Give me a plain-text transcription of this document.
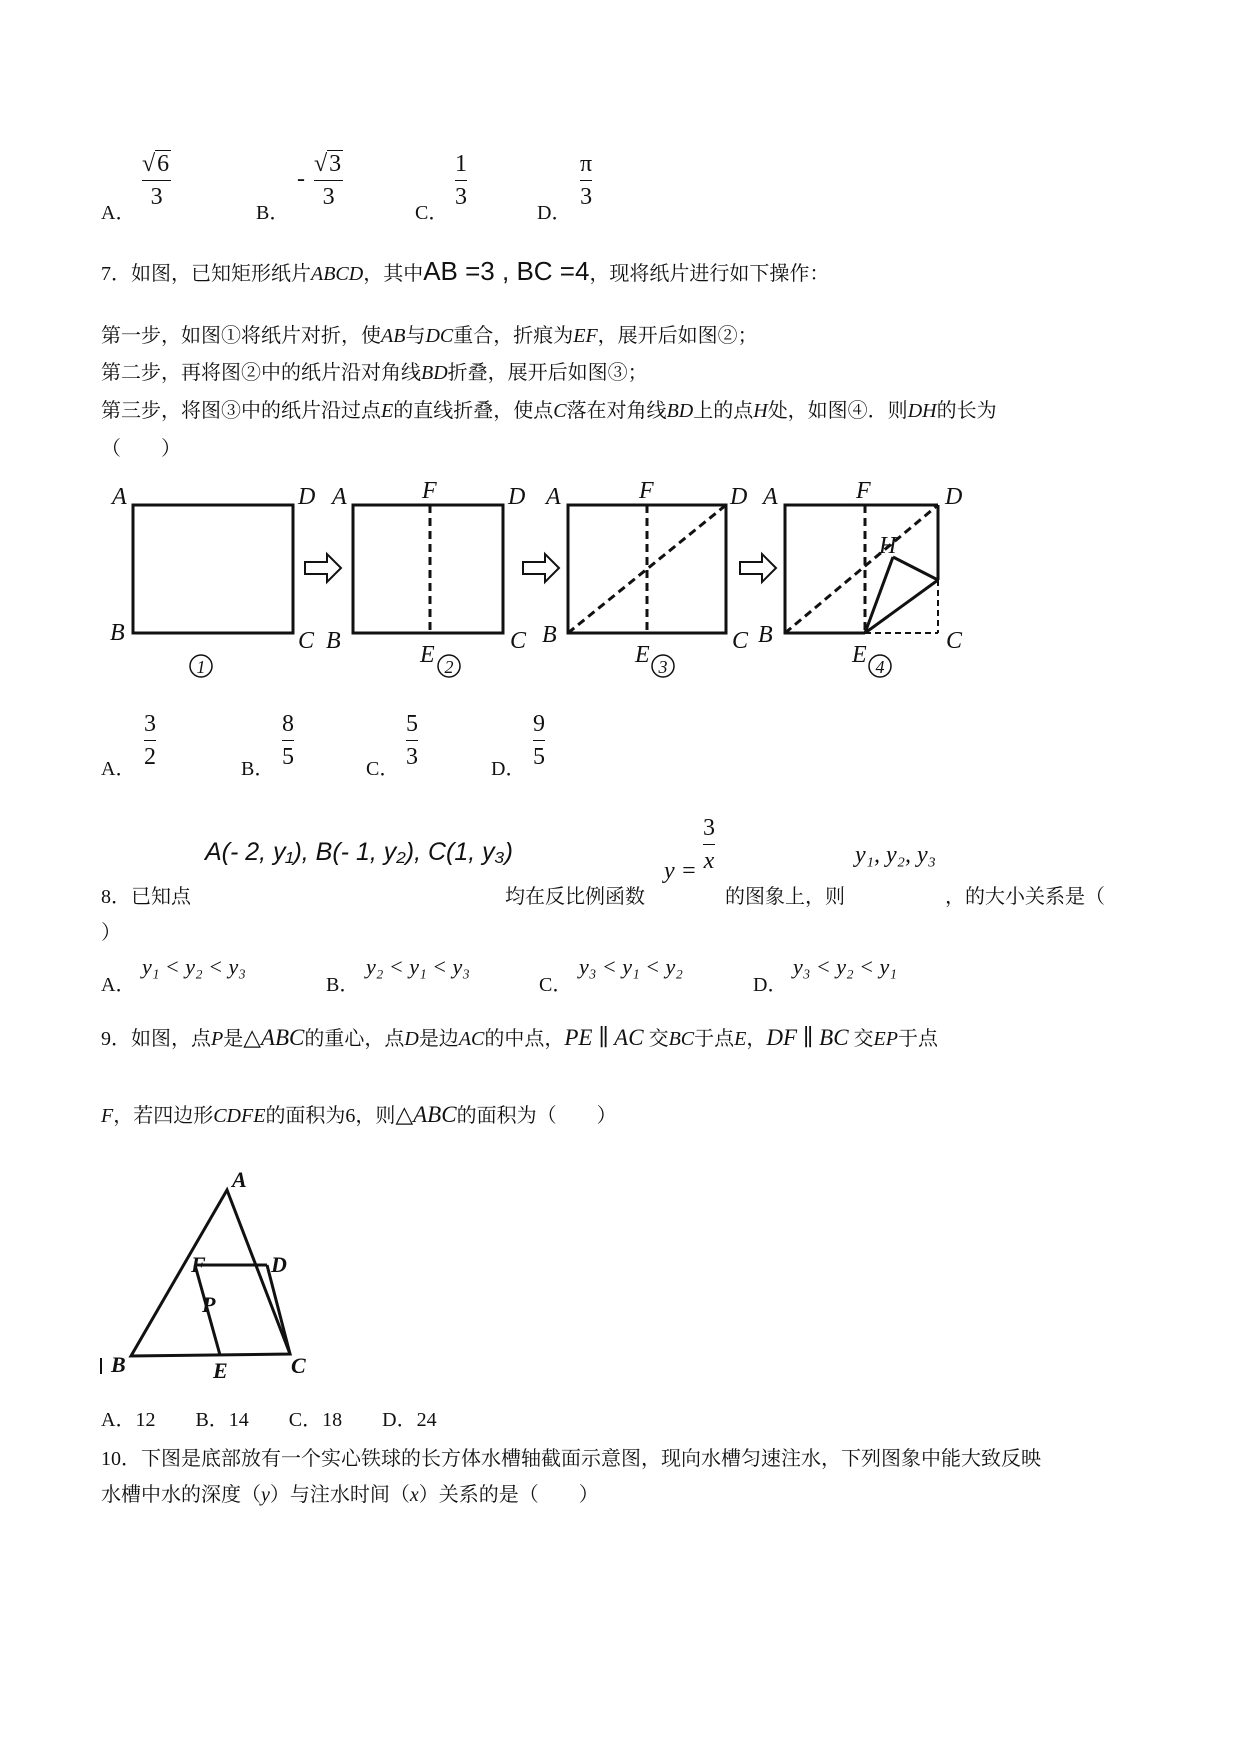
A．
√6
3
B．
-
√3
3
C．
1
3
D．
π
3
7．如图，已知矩形纸片ABCD，其中AB =3 , BC =4，现将纸片进行如下操作：
第一步，如图①将纸片对折，使AB与DC重合，折痕为EF，展开后如图②；
第二步，再将图②中的纸片沿对角线BD折叠，展开后如图③；
第三步，将图③中的纸片沿过点E的直线折叠，使点C落在对角线BD上的点H处，如图④．则DH的长为
（　　）
A	D
B	C
1
A	F	D
B
E
C
2
A	F	D
B
E
C
3
A	F	D
H
B
E
C
4
A．
3
2	B．
8
5	C．
5
3	D．
9
5
8．已知点
A(- 2, y₁), B(- 1, y₂), C(1, y₃)
均在反比例函数
y =
3
x
的图象上，则
y₁, y₂, y₃
，的大小关系是（
）
A．
y₁ < y₂ < y₃
B．
y₂ < y₁ < y₃
C．
y₃ < y₁ < y₂
D．
y₃ < y₂ < y₁
9．如图，点P是△ABC的重心，点D是边AC的中点，PE ∥ AC 交BC于点E，DF ∥ BC 交EP于点
F，若四边形CDFE的面积为6，则△ABC的面积为（　　）
A
D
F
P
B	E	C
A．12　　B．14　　C．18　　D．24
10．下图是底部放有一个实心铁球的长方体水槽轴截面示意图，现向水槽匀速注水，下列图象中能大致反映
水槽中水的深度（y）与注水时间（x）关系的是（　　）
